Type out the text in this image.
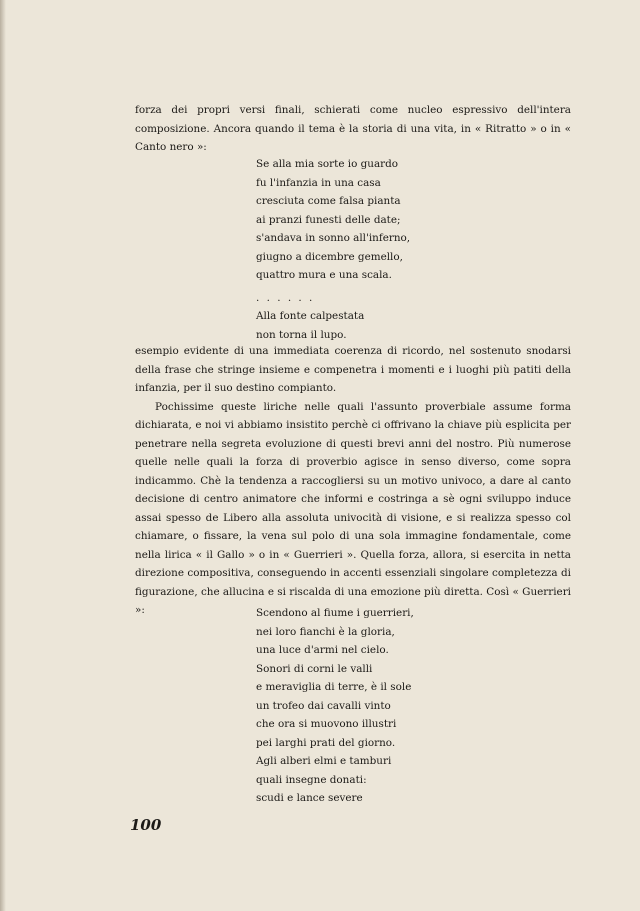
forza dei propri versi finali, schierati come nucleo espressivo dell'intera composizione. Ancora quando il tema è la storia di una vita, in « Ritratto » o in « Canto nero »:

Se alla mia sorte io guardo
fu l'infanzia in una casa
cresciuta come falsa pianta
ai pranzi funesti delle date;
s'andava in sonno all'inferno,
giugno a dicembre gemello,
quattro mura e una scala.
. . . . . .
Alla fonte calpestata
non torna il lupo.

esempio evidente di una immediata coerenza di ricordo, nel sostenuto snodarsi della frase che stringe insieme e compenetra i momenti e i luoghi più patiti della infanzia, per il suo destino compianto.

Pochissime queste liriche nelle quali l'assunto proverbiale assume forma dichiarata, e noi vi abbiamo insistito perchè ci offrivano la chiave più esplicita per penetrare nella segreta evoluzione di questi brevi anni del nostro. Più numerose quelle nelle quali la forza di proverbio agisce in senso diverso, come sopra indicammo. Chè la tendenza a raccogliersi su un motivo univoco, a dare al canto decisione di centro animatore che informi e costringa a sè ogni sviluppo induce assai spesso de Libero alla assoluta univocità di visione, e si realizza spesso col chiamare, o fissare, la vena sul polo di una sola immagine fondamentale, come nella lirica « il Gallo » o in « Guerrieri ». Quella forza, allora, si esercita in netta direzione compositiva, conseguendo in accenti essenziali singolare completezza di figurazione, che allucina e si riscalda di una emozione più diretta. Così « Guerrieri »:	Scendono al fiume i guerrieri,
nei loro fianchi è la gloria,
una luce d'armi nel cielo.
Sonori di corni le valli
e meraviglia di terre, è il sole
un trofeo dai cavalli vinto
che ora si muovono illustri
pei larghi prati del giorno.
Agli alberi elmi e tamburi
quali insegne donati:
scudi e lance severe
100
